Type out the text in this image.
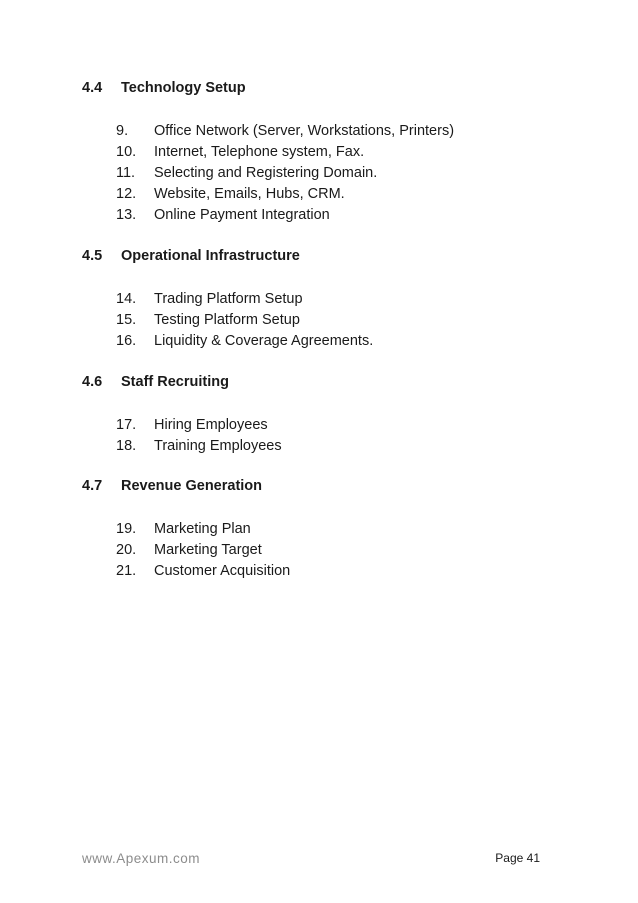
4.4	Technology Setup
9.	Office Network (Server, Workstations, Printers)
10.	Internet, Telephone system, Fax.
11.	Selecting and Registering Domain.
12.	Website, Emails, Hubs, CRM.
13.	Online Payment Integration
4.5	Operational Infrastructure
14.	Trading Platform Setup
15.	Testing Platform Setup
16.	Liquidity & Coverage Agreements.
4.6	Staff Recruiting
17.	Hiring Employees
18.	Training Employees
4.7	Revenue Generation
19.	Marketing Plan
20.	Marketing Target
21.	Customer Acquisition
www.Apexum.com	Page 41
